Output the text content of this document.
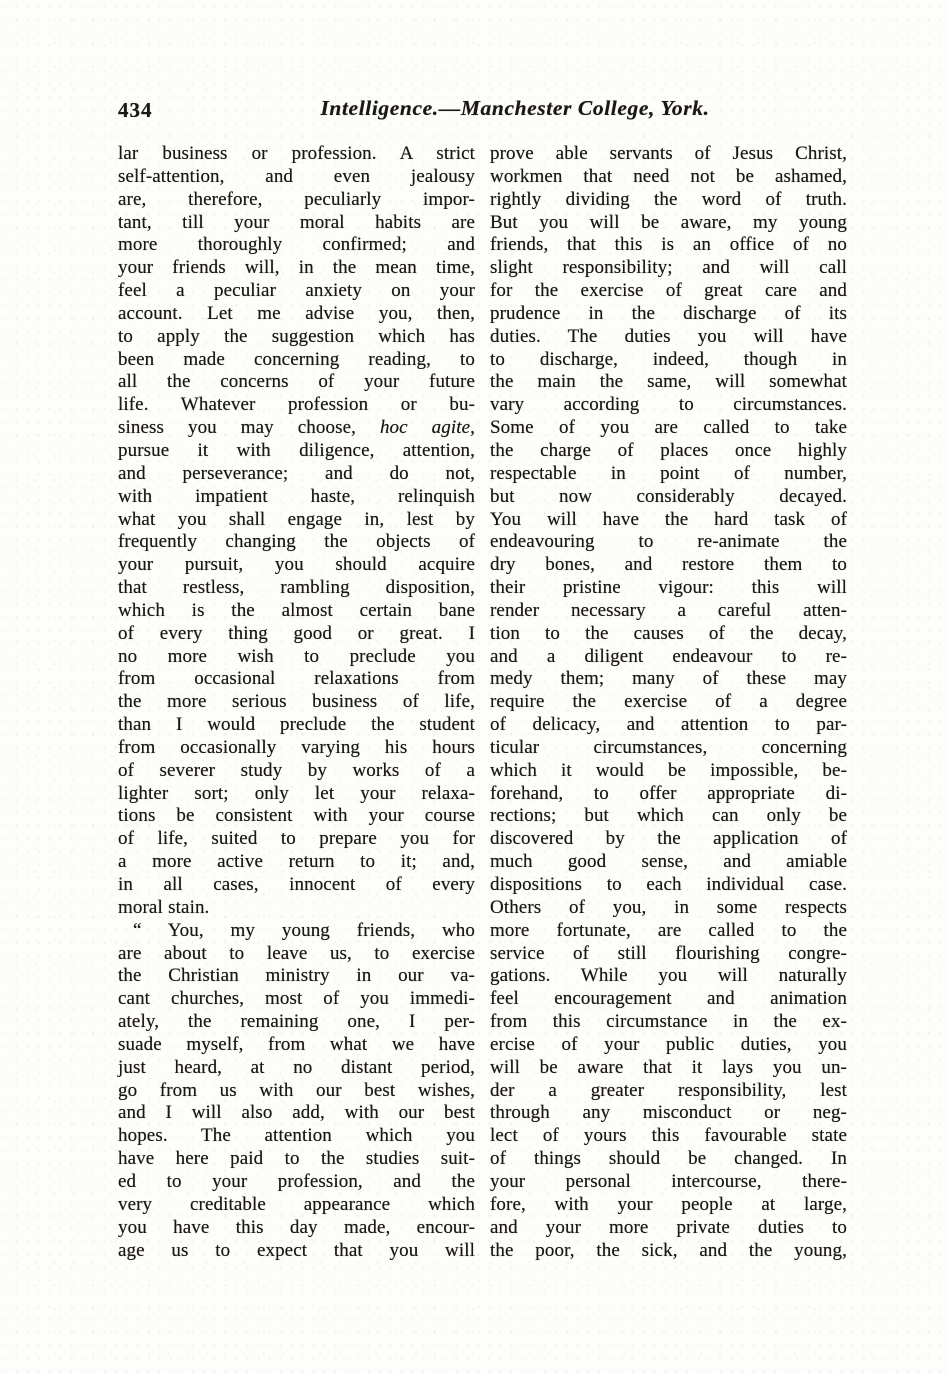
434	Intelligence.—Manchester College, York.
lar business or profession. A strict
self-attention, and even jealousy
are, therefore, peculiarly impor-
tant, till your moral habits are
more thoroughly confirmed; and
your friends will, in the mean time,
feel a peculiar anxiety on your
account. Let me advise you, then,
to apply the suggestion which has
been made concerning reading, to
all the concerns of your future
life. Whatever profession or bu-
siness you may choose, hoc agite,
pursue it with diligence, attention,
and perseverance; and do not,
with impatient haste, relinquish
what you shall engage in, lest by
frequently changing the objects of
your pursuit, you should acquire
that restless, rambling disposition,
which is the almost certain bane
of every thing good or great. I
no more wish to preclude you
from occasional relaxations from
the more serious business of life,
than I would preclude the student
from occasionally varying his hours
of severer study by works of a
lighter sort; only let your relaxa-
tions be consistent with your course
of life, suited to prepare you for
a more active return to it; and,
in all cases, innocent of every
moral stain.
“ You, my young friends, who
are about to leave us, to exercise
the Christian ministry in our va-
cant churches, most of you immedi-
ately, the remaining one, I per-
suade myself, from what we have
just heard, at no distant period,
go from us with our best wishes,
and I will also add, with our best
hopes. The attention which you
have here paid to the studies suit-
ed to your profession, and the
very creditable appearance which
you have this day made, encour-
age us to expect that you will
prove able servants of Jesus Christ,
workmen that need not be ashamed,
rightly dividing the word of truth.
But you will be aware, my young
friends, that this is an office of no
slight responsibility; and will call
for the exercise of great care and
prudence in the discharge of its
duties. The duties you will have
to discharge, indeed, though in
the main the same, will somewhat
vary according to circumstances.
Some of you are called to take
the charge of places once highly
respectable in point of number,
but now considerably decayed.
You will have the hard task of
endeavouring to re-animate the
dry bones, and restore them to
their pristine vigour: this will
render necessary a careful atten-
tion to the causes of the decay,
and a diligent endeavour to re-
medy them; many of these may
require the exercise of a degree
of delicacy, and attention to par-
ticular circumstances, concerning
which it would be impossible, be-
forehand, to offer appropriate di-
rections; but which can only be
discovered by the application of
much good sense, and amiable
dispositions to each individual case.
Others of you, in some respects
more fortunate, are called to the
service of still flourishing congre-
gations. While you will naturally
feel encouragement and animation
from this circumstance in the ex-
ercise of your public duties, you
will be aware that it lays you un-
der a greater responsibility, lest
through any misconduct or neg-
lect of yours this favourable state
of things should be changed. In
your personal intercourse, there-
fore, with your people at large,
and your more private duties to
the poor, the sick, and the young,
